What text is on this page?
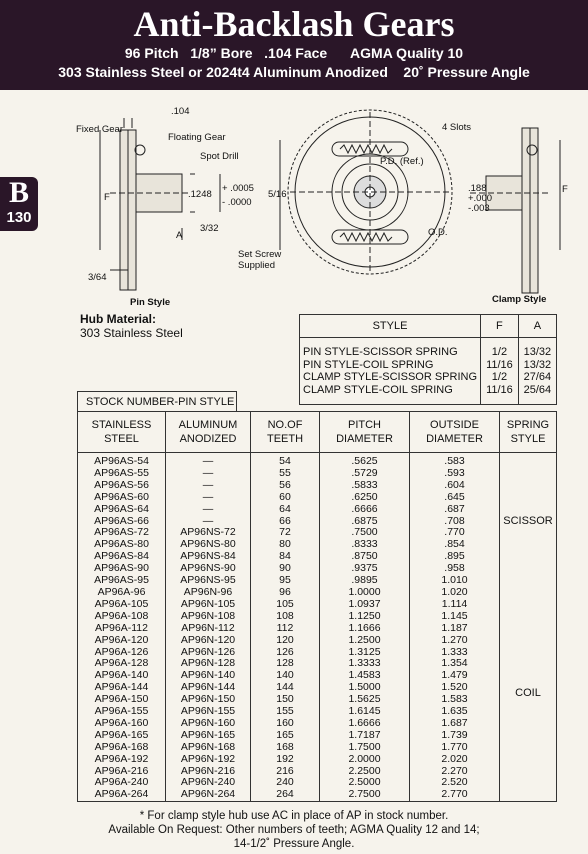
Anti-Backlash Gears
96 Pitch   1/8” Bore   .104 Face      AGMA Quality 10
303 Stainless Steel or 2024t4 Aluminum Anodized    20˚ Pressure Angle
B
130
.104
Fixed Gear
Floating Gear
Spot Drill
F	.1248
+ .0005
- .0000
5/16
A
3/32
3/64
Set Screw
Supplied
Pin Style
P.D. (Ref.)
O.D.
4 Slots
.188
+.000
-.003
F
Clamp Style
Hub Material:
303 Stainless Steel
STYLE	F	A

PIN STYLE-SCISSOR SPRING	1/2	13/32
PIN STYLE-COIL SPRING	11/16	13/32
CLAMP STYLE-SCISSOR SPRING	1/2	27/64
CLAMP STYLE-COIL SPRING	11/16	25/64

STOCK NUMBER-PIN STYLE
STAINLESS STEEL	ALUMINUM ANODIZED	NO.OF TEETH	PITCH DIAMETER	OUTSIDE DIAMETER	SPRING STYLE
AP96AS-54	—	54	.5625	.583	SCISSOR
AP96AS-55	—	55	.5729	.593	
AP96AS-56	—	56	.5833	.604	
AP96AS-60	—	60	.6250	.645	
AP96AS-64	—	64	.6666	.687	
AP96AS-66	—	66	.6875	.708	
AP96AS-72	AP96NS-72	72	.7500	.770	
AP96AS-80	AP96NS-80	80	.8333	.854	
AP96AS-84	AP96NS-84	84	.8750	.895	
AP96AS-90	AP96NS-90	90	.9375	.958	
AP96AS-95	AP96NS-95	95	.9895	1.010	
AP96A-96	AP96N-96	96	1.0000	1.020	COIL
AP96A-105	AP96N-105	105	1.0937	1.114	
AP96A-108	AP96N-108	108	1.1250	1.145	
AP96A-112	AP96N-112	112	1.1666	1.187	
AP96A-120	AP96N-120	120	1.2500	1.270	
AP96A-126	AP96N-126	126	1.3125	1.333	
AP96A-128	AP96N-128	128	1.3333	1.354	
AP96A-140	AP96N-140	140	1.4583	1.479	
AP96A-144	AP96N-144	144	1.5000	1.520	
AP96A-150	AP96N-150	150	1.5625	1.583	
AP96A-155	AP96N-155	155	1.6145	1.635	
AP96A-160	AP96N-160	160	1.6666	1.687	
AP96A-165	AP96N-165	165	1.7187	1.739	
AP96A-168	AP96N-168	168	1.7500	1.770	
AP96A-192	AP96N-192	192	2.0000	2.020	
AP96A-216	AP96N-216	216	2.2500	2.270	
AP96A-240	AP96N-240	240	2.5000	2.520	
AP96A-264	AP96N-264	264	2.7500	2.770	
* For clamp style hub use AC in place of AP in stock number.
Available On Request: Other numbers of teeth; AGMA Quality 12 and 14;
14-1/2˚ Pressure Angle.
